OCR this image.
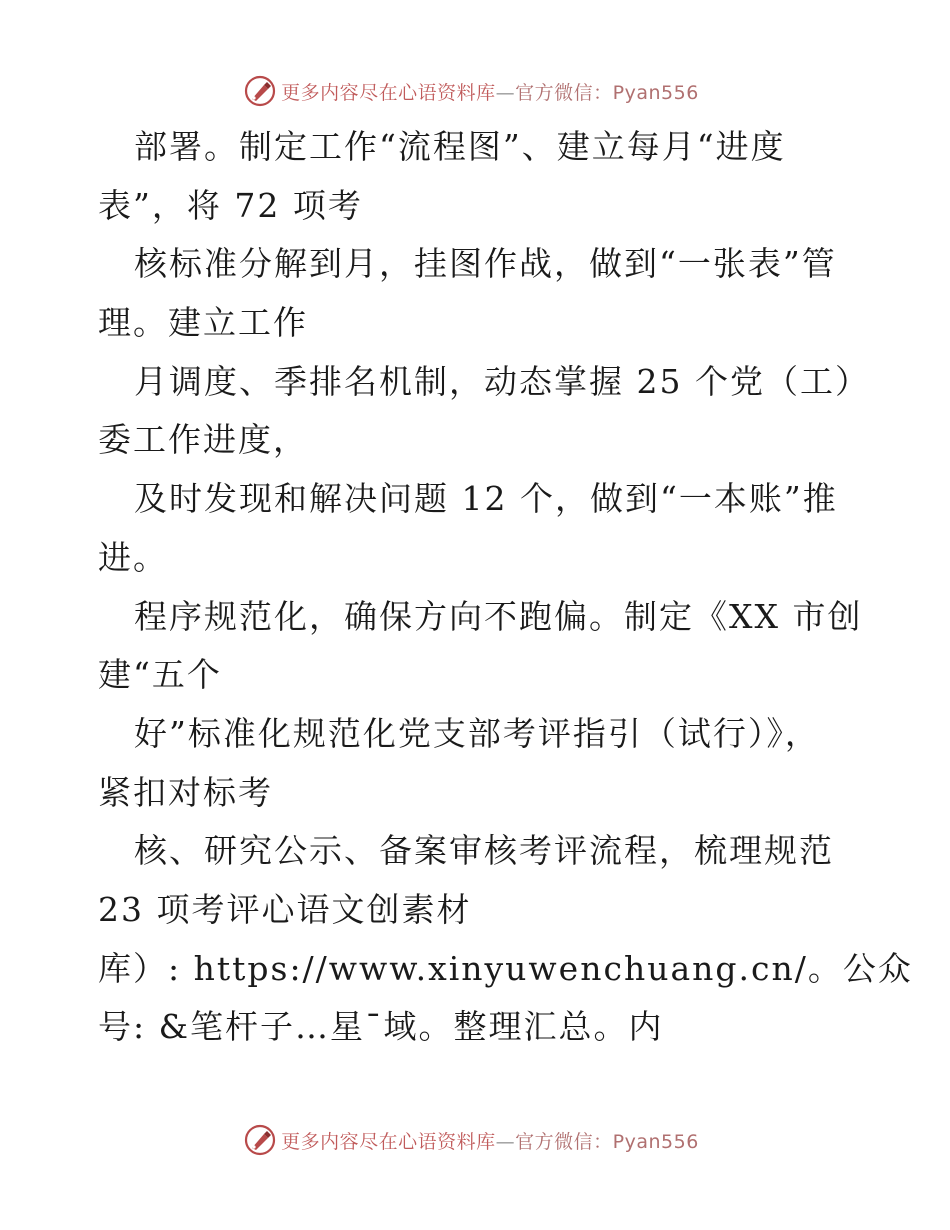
更多内容尽在心语资料库—官方微信：Pyan556
部署。制定工作“流程图”、建立每月“进度
表”，将 72 项考
核标准分解到月，挂图作战，做到“一张表”管
理。建立工作
月调度、季排名机制，动态掌握 25 个党（工）
委工作进度，
及时发现和解决问题 12 个，做到“一本账”推
进。
程序规范化，确保方向不跑偏。制定《XX 市创
建“五个
好”标准化规范化党支部考评指引（试行）》，
紧扣对标考
核、研究公示、备案审核考评流程，梳理规范
23 项考评心语文创素材
库）: https://www.xinyuwenchuang.cn/。公众
号: &笔杆子…星¯域。整理汇总。内
更多内容尽在心语资料库—官方微信：Pyan556
